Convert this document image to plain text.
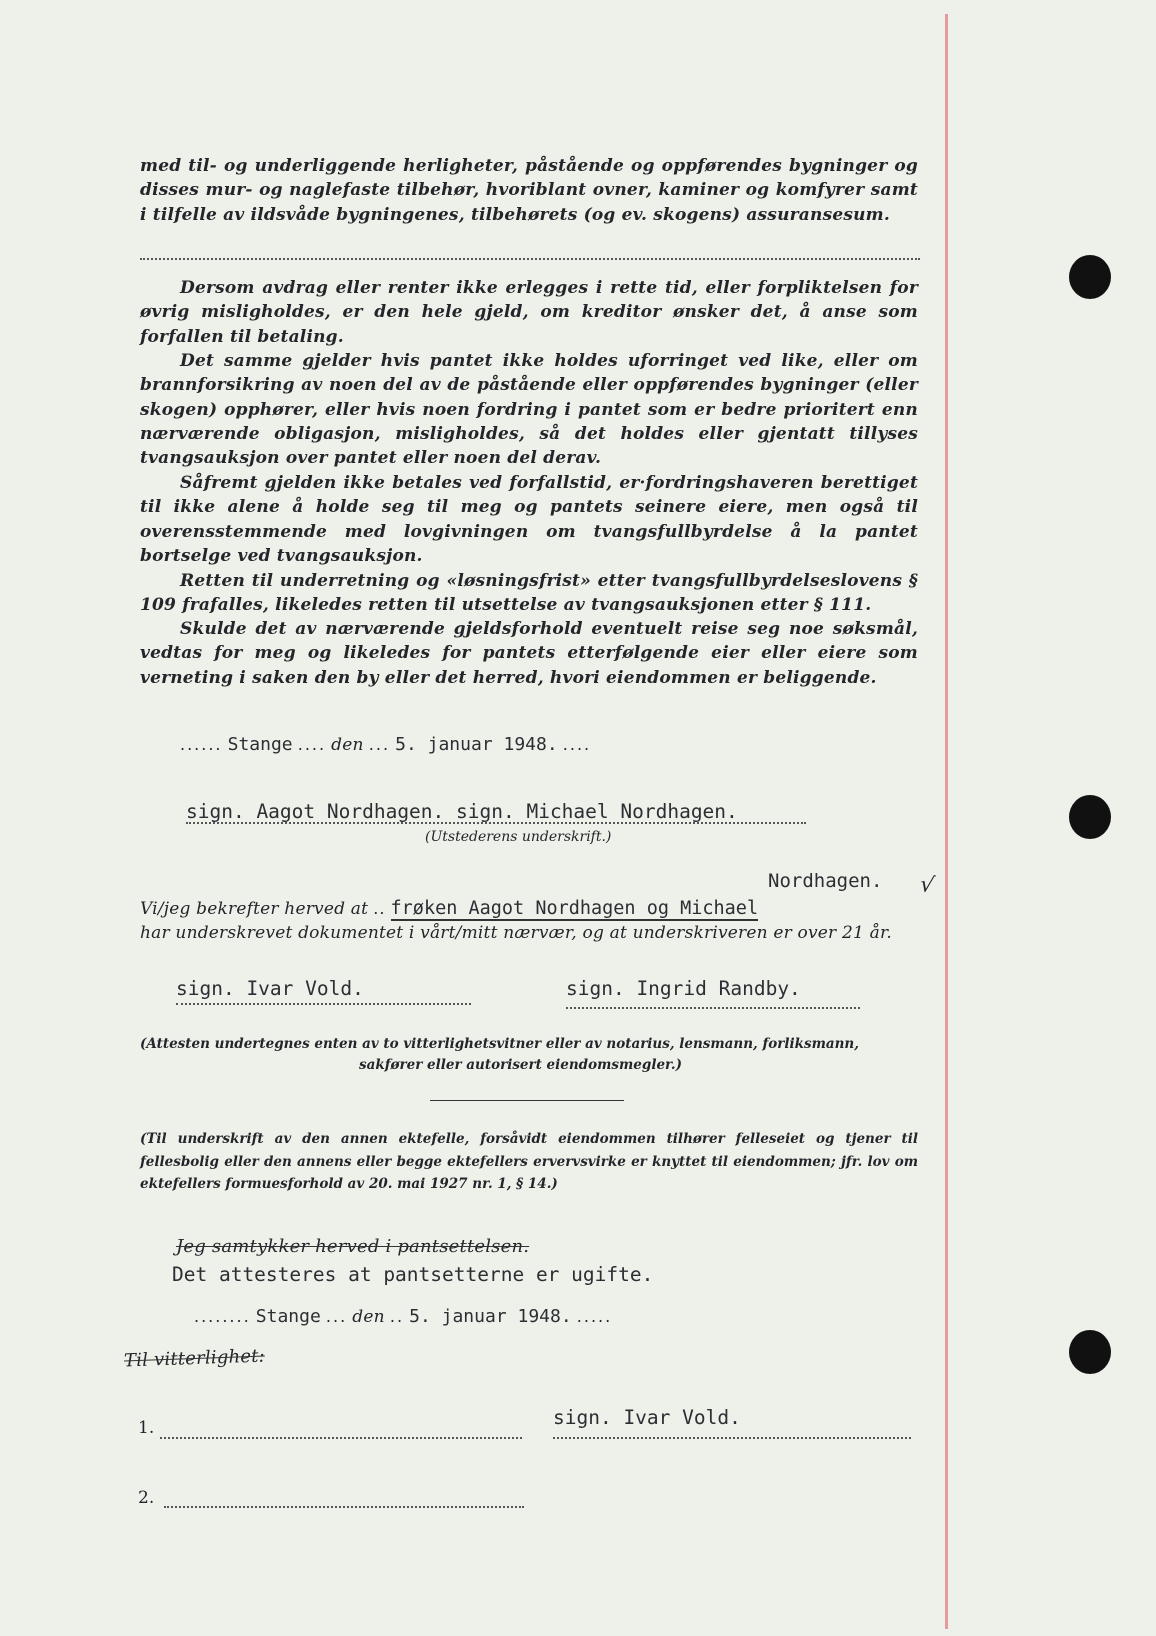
med til- og underliggende herligheter, påstående og oppførendes bygninger og disses mur- og naglefaste tilbehør, hvoriblant ovner, kaminer og komfyrer samt i tilfelle av ildsvåde bygningenes, tilbehørets (og ev. skogens) assuransesum.
Dersom avdrag eller renter ikke erlegges i rette tid, eller forpliktelsen for øvrig misligholdes, er den hele gjeld, om kreditor ønsker det, å anse som forfallen til betaling.
Det samme gjelder hvis pantet ikke holdes uforringet ved like, eller om brannforsikring av noen del av de påstående eller oppførendes bygninger (eller skogen) opphører, eller hvis noen fordring i pantet som er bedre prioritert enn nærværende obligasjon, misligholdes, så det holdes eller gjentatt tillyses tvangsauksjon over pantet eller noen del derav.
Såfremt gjelden ikke betales ved forfallstid, er·fordringshaveren berettiget til ikke alene å holde seg til meg og pantets seinere eiere, men også til overensstemmende med lovgivningen om tvangsfullbyrdelse å la pantet bortselge ved tvangsauksjon.
Retten til underretning og «løsningsfrist» etter tvangsfullbyrdelseslovens § 109 frafalles, likeledes retten til utsettelse av tvangsauksjonen etter § 111.
Skulde det av nærværende gjeldsforhold eventuelt reise seg noe søksmål, vedtas for meg og likeledes for pantets etterfølgende eier eller eiere som verneting i saken den by eller det herred, hvori eiendommen er beliggende.
...... Stange .... den ... 5. januar 1948. ....
sign. Aagot Nordhagen. sign. Michael Nordhagen.
(Utstederens underskrift.)
Nordhagen. √
Vi/jeg bekrefter herved at .. frøken Aagot Nordhagen og Michael
har underskrevet dokumentet i vårt/mitt nærvær, og at underskriveren er over 21 år.
sign. Ivar Vold.	sign. Ingrid Randby.
(Attesten undertegnes enten av to vitterlighetsvitner eller av notarius, lensmann, forliksmann,
sakfører eller autorisert eiendomsmegler.)
(Til underskrift av den annen ektefelle, forsåvidt eiendommen tilhører felleseiet og tjener til fellesbolig eller den annens eller begge ektefellers ervervsvirke er knyttet til eiendommen; jfr. lov om ektefellers formuesforhold av 20. mai 1927 nr. 1, § 14.)
Jeg samtykker herved i pantsettelsen.
Det attesteres at pantsetterne er ugifte.
........ Stange ... den .. 5. januar 1948. .....
Til vitterlighet:
1.	sign. Ivar Vold.
2.
